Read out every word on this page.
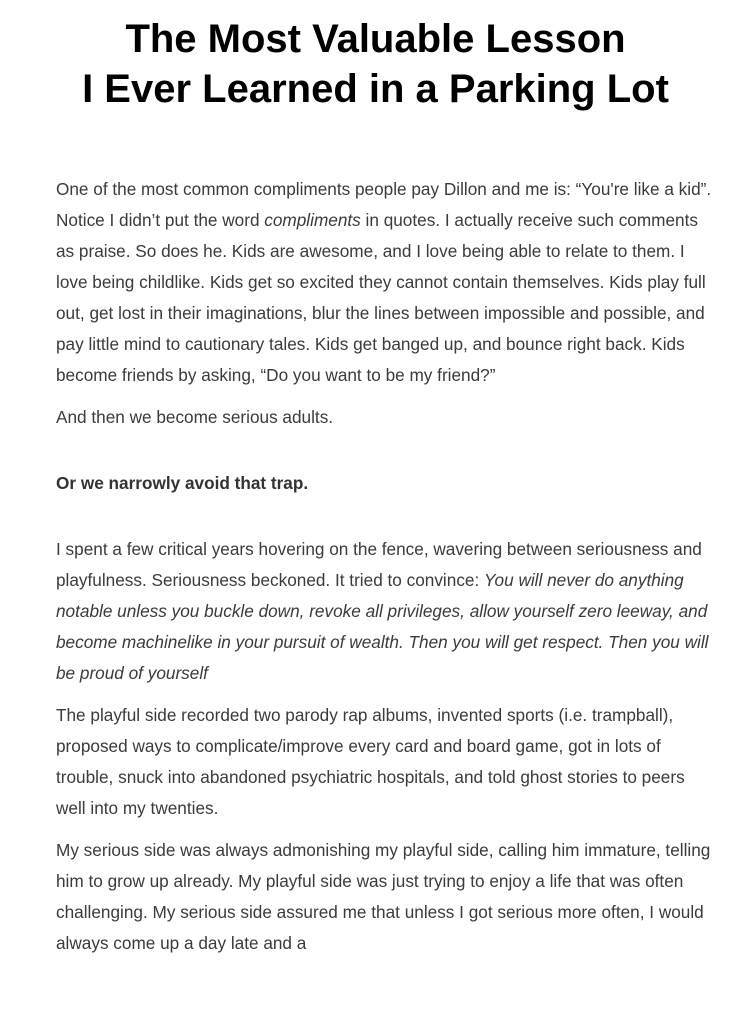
The Most Valuable Lesson
I Ever Learned in a Parking Lot

One of the most common compliments people pay Dillon and me is: “You're like a kid”. Notice I didn’t put the word compliments in quotes. I actually receive such comments as praise. So does he. Kids are awesome, and I love being able to relate to them. I love being childlike. Kids get so excited they cannot contain themselves. Kids play full out, get lost in their imaginations, blur the lines between impossible and possible, and pay little mind to cautionary tales. Kids get banged up, and bounce right back. Kids become friends by asking, “Do you want to be my friend?”

And then we become serious adults.

Or we narrowly avoid that trap.

I spent a few critical years hovering on the fence, wavering between seriousness and playfulness. Seriousness beckoned. It tried to convince: You will never do anything notable unless you buckle down, revoke all privileges, allow yourself zero leeway, and become machinelike in your pursuit of wealth. Then you will get respect. Then you will be proud of yourself

The playful side recorded two parody rap albums, invented sports (i.e. trampball), proposed ways to complicate/improve every card and board game, got in lots of trouble, snuck into abandoned psychiatric hospitals, and told ghost stories to peers well into my twenties.

My serious side was always admonishing my playful side, calling him immature, telling him to grow up already. My playful side was just trying to enjoy a life that was often challenging. My serious side assured me that unless I got serious more often, I would always come up a day late and a
